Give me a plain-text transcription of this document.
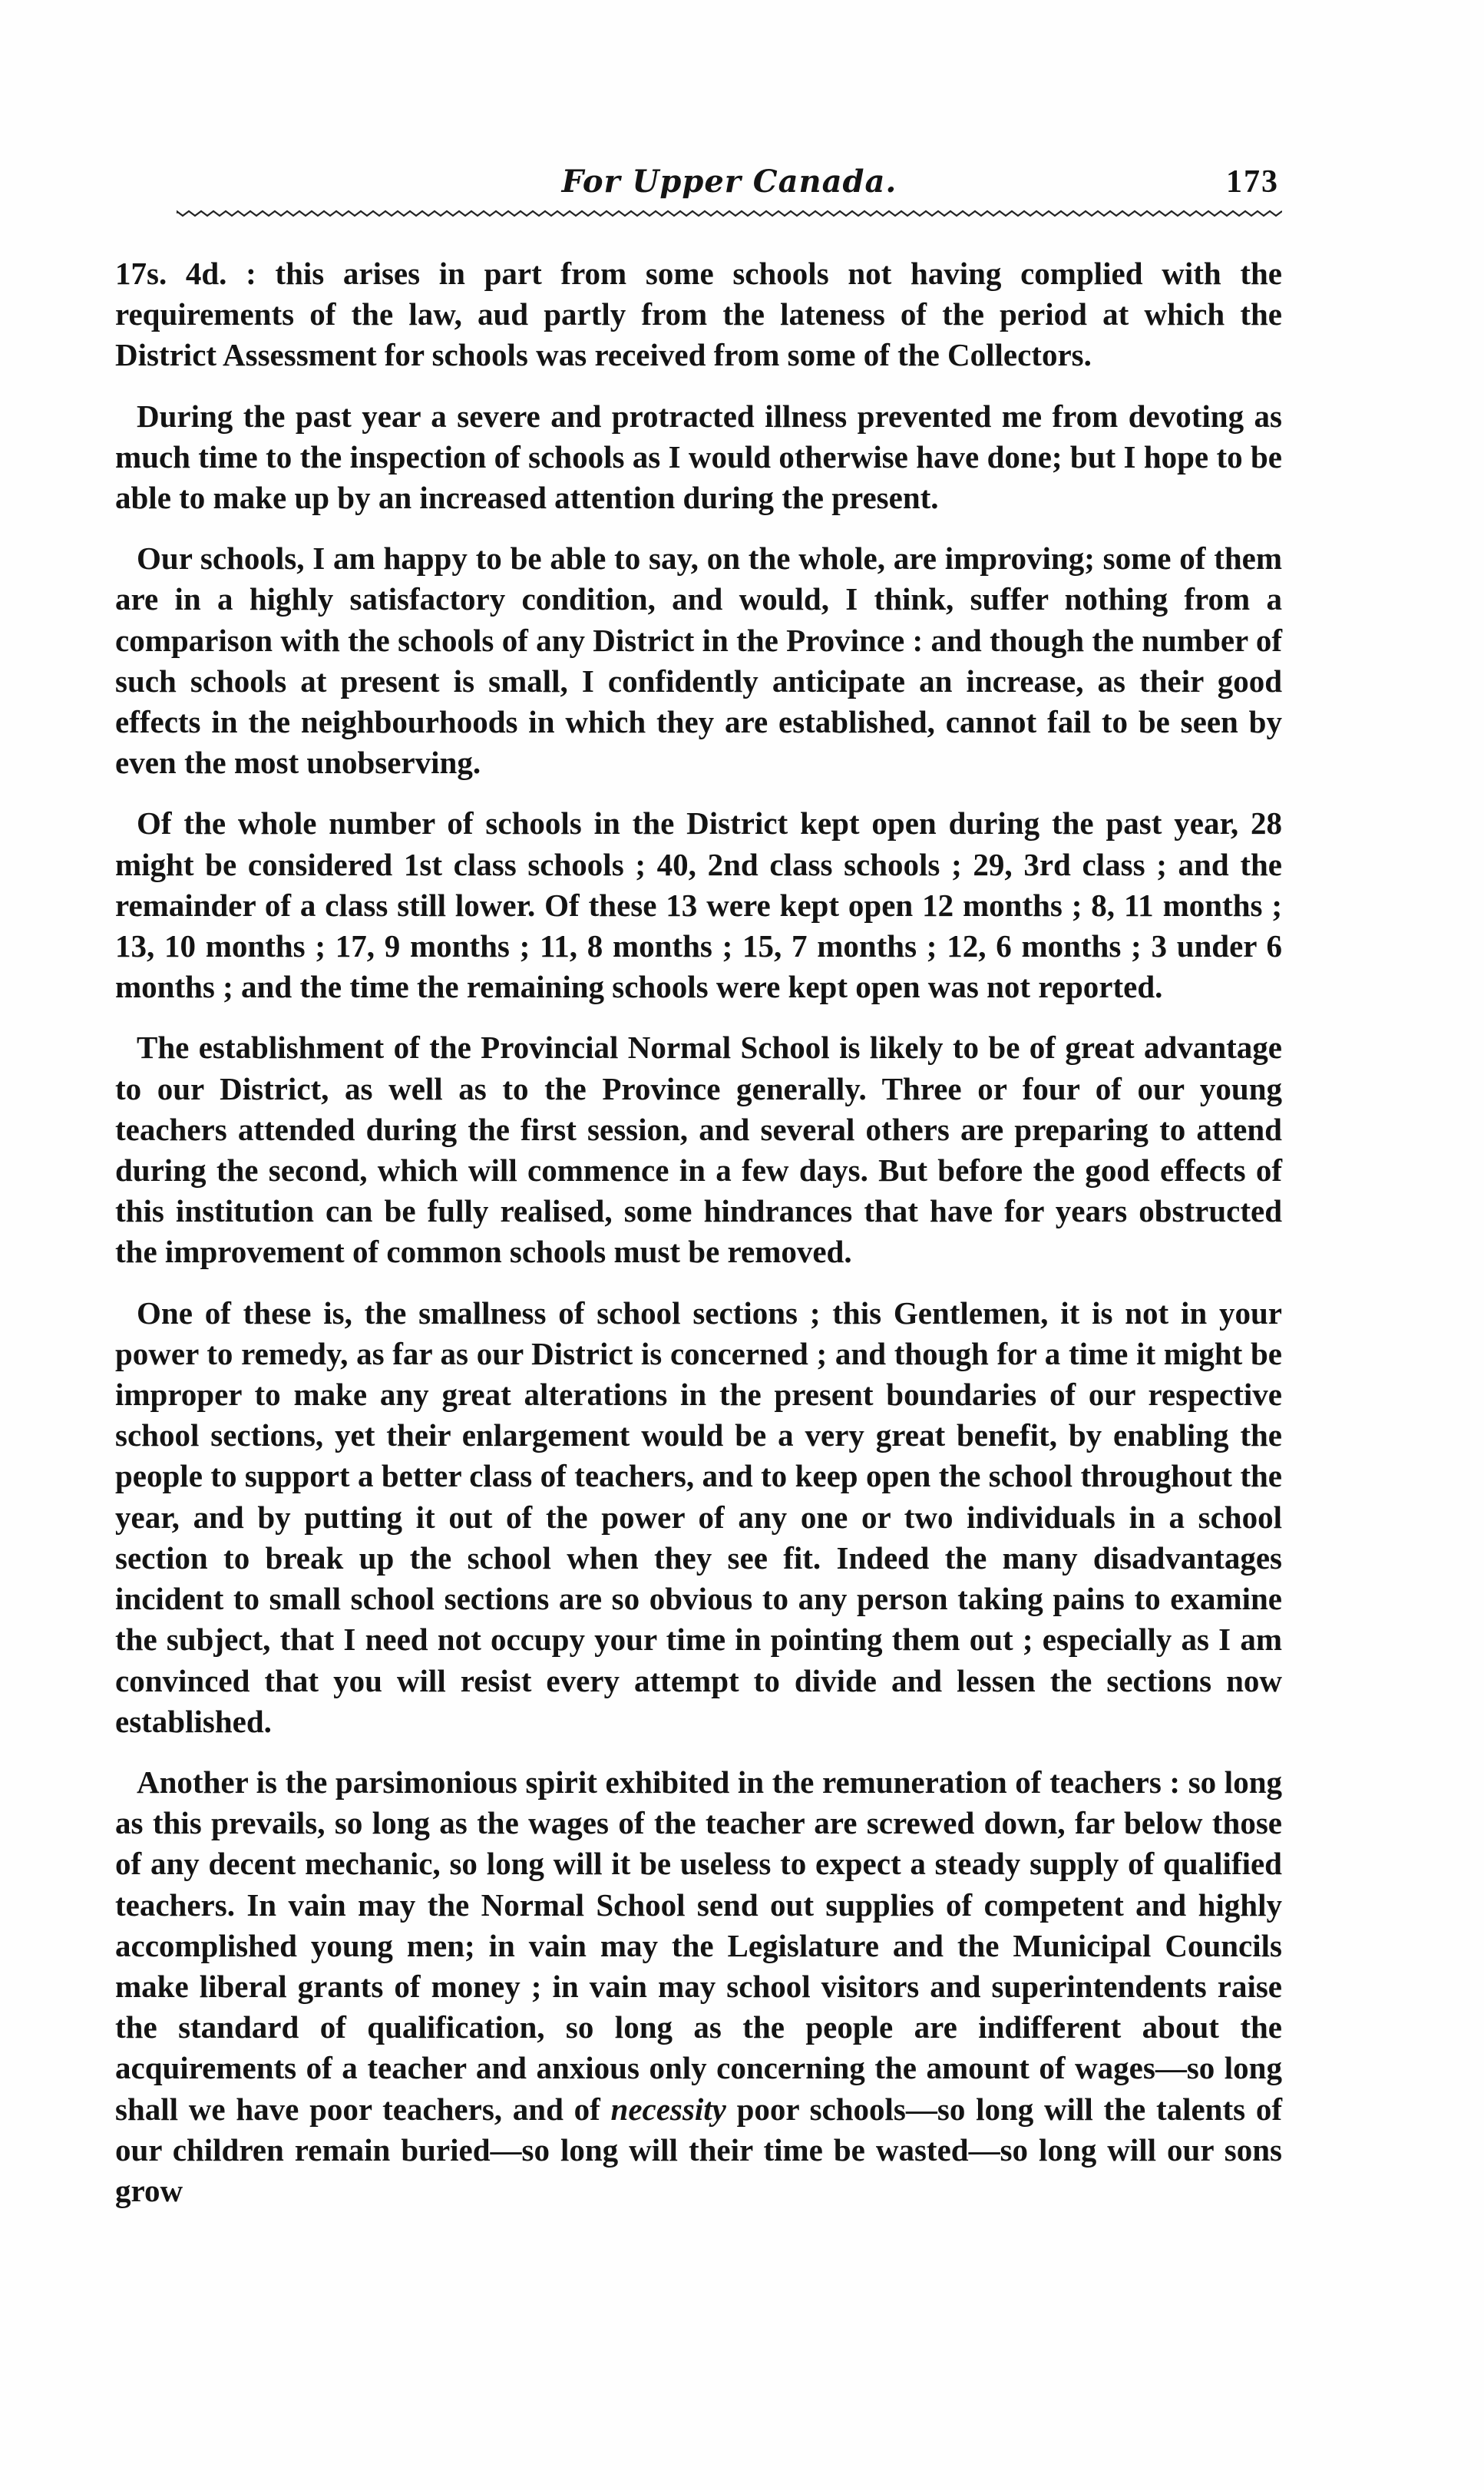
For Upper Canada.	173

17s. 4d. : this arises in part from some schools not having complied with the requirements of the law, aud partly from the lateness of the period at which the District Assessment for schools was received from some of the Collectors.

During the past year a severe and protracted illness prevented me from devoting as much time to the inspection of schools as I would otherwise have done; but I hope to be able to make up by an increased attention during the present.

Our schools, I am happy to be able to say, on the whole, are improving; some of them are in a highly satisfactory condition, and would, I think, suffer nothing from a comparison with the schools of any District in the Province : and though the number of such schools at present is small, I confidently anticipate an increase, as their good effects in the neighbourhoods in which they are established, cannot fail to be seen by even the most unobserving.

Of the whole number of schools in the District kept open during the past year, 28 might be considered 1st class schools ; 40, 2nd class schools ; 29, 3rd class ; and the remainder of a class still lower. Of these 13 were kept open 12 months ; 8, 11 months ; 13, 10 months ; 17, 9 months ; 11, 8 months ; 15, 7 months ; 12, 6 months ; 3 under 6 months ; and the time the remaining schools were kept open was not reported.

The establishment of the Provincial Normal School is likely to be of great advantage to our District, as well as to the Province generally. Three or four of our young teachers attended during the first session, and several others are preparing to attend during the second, which will commence in a few days. But before the good effects of this institution can be fully realised, some hindrances that have for years obstructed the improvement of common schools must be removed.

One of these is, the smallness of school sections ; this Gentlemen, it is not in your power to remedy, as far as our District is concerned ; and though for a time it might be improper to make any great alterations in the present boundaries of our respective school sections, yet their enlargement would be a very great benefit, by enabling the people to support a better class of teachers, and to keep open the school throughout the year, and by putting it out of the power of any one or two individuals in a school section to break up the school when they see fit. Indeed the many disadvantages incident to small school sections are so obvious to any person taking pains to examine the subject, that I need not occupy your time in pointing them out ; especially as I am convinced that you will resist every attempt to divide and lessen the sections now established.

Another is the parsimonious spirit exhibited in the remuneration of teachers : so long as this prevails, so long as the wages of the teacher are screwed down, far below those of any decent mechanic, so long will it be useless to expect a steady supply of qualified teachers. In vain may the Normal School send out supplies of competent and highly accomplished young men; in vain may the Legislature and the Municipal Councils make liberal grants of money ; in vain may school visitors and superintendents raise the standard of qualification, so long as the people are indifferent about the acquirements of a teacher and anxious only concerning the amount of wages—so long shall we have poor teachers, and of necessity poor schools—so long will the talents of our children remain buried—so long will their time be wasted—so long will our sons grow
